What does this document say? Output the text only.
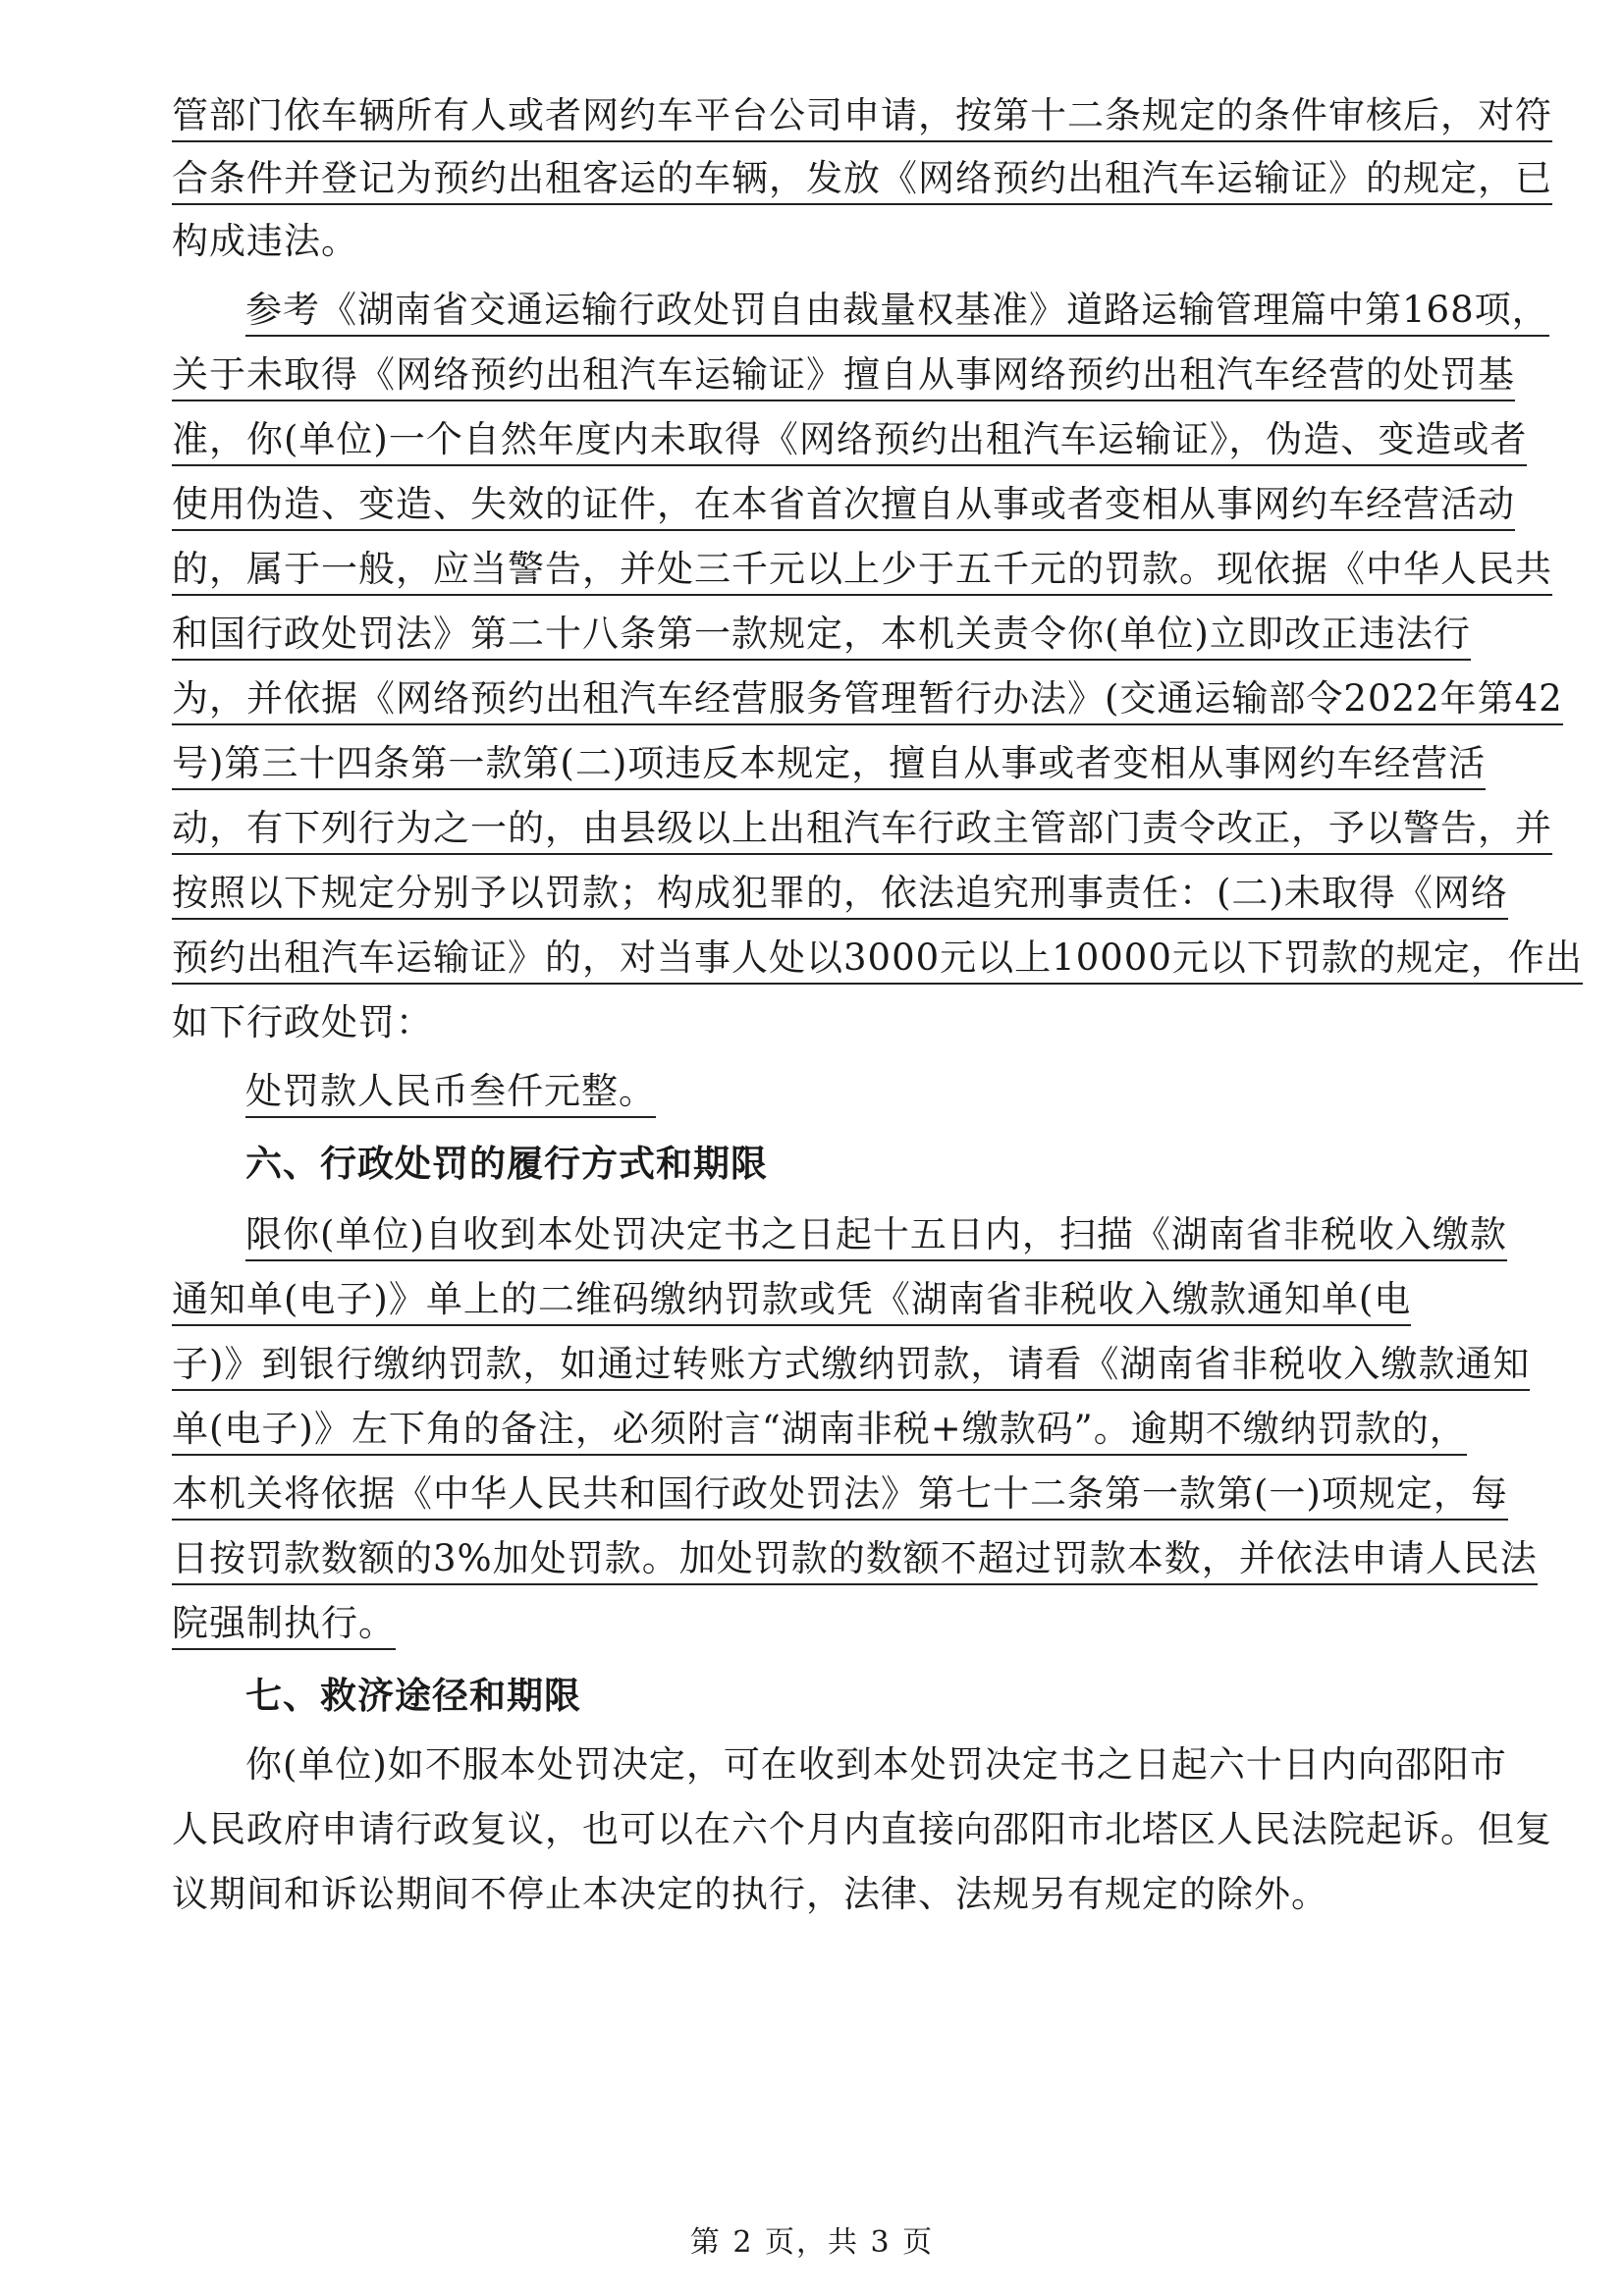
管部门依车辆所有人或者网约车平台公司申请，按第十二条规定的条件审核后，对符
合条件并登记为预约出租客运的车辆，发放《网络预约出租汽车运输证》的规定，已
构成违法。
参考《湖南省交通运输行政处罚自由裁量权基准》道路运输管理篇中第168项，
关于未取得《网络预约出租汽车运输证》擅自从事网络预约出租汽车经营的处罚基
准，你(单位)一个自然年度内未取得《网络预约出租汽车运输证》，伪造、变造或者
使用伪造、变造、失效的证件，在本省首次擅自从事或者变相从事网约车经营活动
的，属于一般，应当警告，并处三千元以上少于五千元的罚款。现依据《中华人民共
和国行政处罚法》第二十八条第一款规定，本机关责令你(单位)立即改正违法行
为，并依据《网络预约出租汽车经营服务管理暂行办法》(交通运输部令2022年第42
号)第三十四条第一款第(二)项违反本规定，擅自从事或者变相从事网约车经营活
动，有下列行为之一的，由县级以上出租汽车行政主管部门责令改正，予以警告，并
按照以下规定分别予以罚款；构成犯罪的，依法追究刑事责任：(二)未取得《网络
预约出租汽车运输证》的，对当事人处以3000元以上10000元以下罚款的规定，作出
如下行政处罚：
处罚款人民币叁仟元整。
六、行政处罚的履行方式和期限
限你(单位)自收到本处罚决定书之日起十五日内，扫描《湖南省非税收入缴款
通知单(电子)》单上的二维码缴纳罚款或凭《湖南省非税收入缴款通知单(电
子)》到银行缴纳罚款，如通过转账方式缴纳罚款，请看《湖南省非税收入缴款通知
单(电子)》左下角的备注，必须附言“湖南非税+缴款码”。逾期不缴纳罚款的，
本机关将依据《中华人民共和国行政处罚法》第七十二条第一款第(一)项规定，每
日按罚款数额的3%加处罚款。加处罚款的数额不超过罚款本数，并依法申请人民法
院强制执行。
七、救济途径和期限
你(单位)如不服本处罚决定，可在收到本处罚决定书之日起六十日内向邵阳市
人民政府申请行政复议，也可以在六个月内直接向邵阳市北塔区人民法院起诉。但复
议期间和诉讼期间不停止本决定的执行，法律、法规另有规定的除外。
第 2 页，共 3 页
